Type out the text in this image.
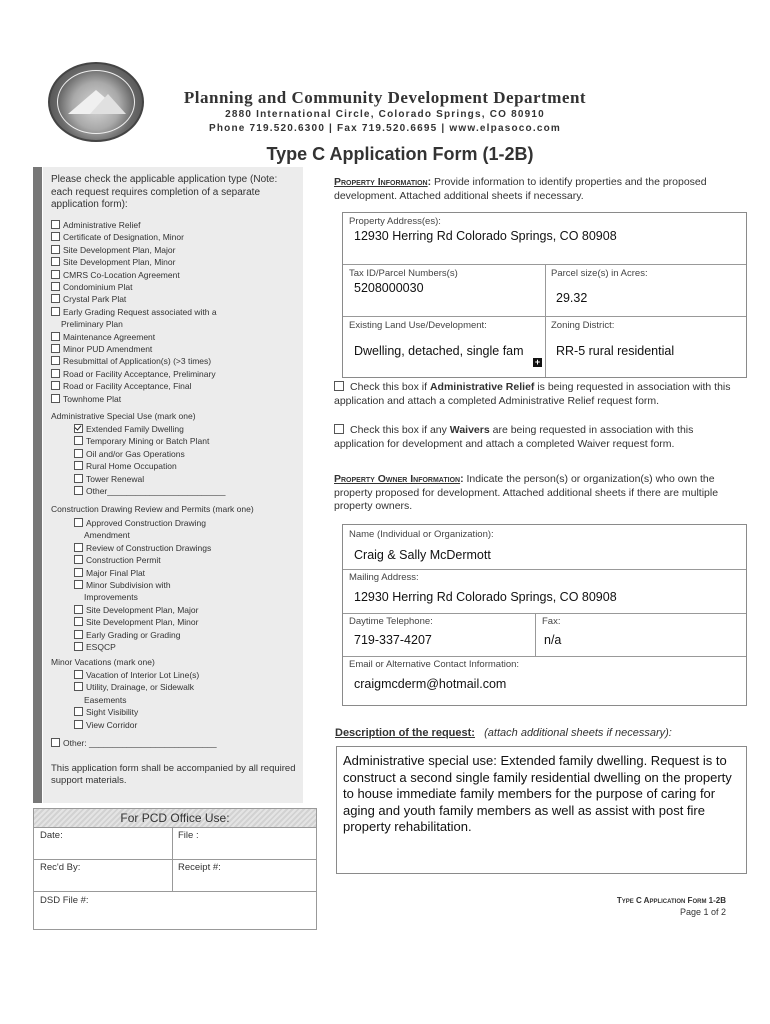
Planning and Community Development Department
2880 International Circle, Colorado Springs, CO 80910
Phone 719.520.6300 | Fax 719.520.6695 | www.elpasoco.com
Type C Application Form (1-2B)
Please check the applicable application type (Note: each request requires completion of a separate application form):
Administrative Relief
Certificate of Designation, Minor
Site Development Plan, Major
Site Development Plan, Minor
CMRS Co-Location Agreement
Condominium Plat
Crystal Park Plat
Early Grading Request associated with a
Preliminary Plan
Maintenance Agreement
Minor PUD Amendment
Resubmittal of Application(s) (>3 times)
Road or Facility Acceptance, Preliminary
Road or Facility Acceptance, Final
Townhome Plat
Administrative Special Use (mark one)
Extended Family Dwelling
Temporary Mining or Batch Plant
Oil and/or Gas Operations
Rural Home Occupation
Tower Renewal
Other_________________________
Construction Drawing Review and Permits (mark one)
Approved Construction Drawing
Amendment
Review of Construction Drawings
Construction Permit
Major Final Plat
Minor Subdivision with
Improvements
Site Development Plan, Major
Site Development Plan, Minor
Early Grading or Grading
ESQCP
Minor Vacations (mark one)
Vacation of Interior Lot Line(s)
Utility, Drainage, or Sidewalk
Easements
Sight Visibility
View Corridor
Other: ___________________________
This application form shall be accompanied by all required support materials.
For PCD Office Use:
Date:	File :
Rec'd By:	Receipt #:
DSD File #:
Property Information: Provide information to identify properties and the proposed development. Attached additional sheets if necessary.
Property Address(es):
12930 Herring Rd Colorado Springs, CO 80908
Tax ID/Parcel Numbers(s)
5208000030
Parcel size(s) in Acres:
29.32
Existing Land Use/Development:
Dwelling, detached, single fam
+
Zoning District:
RR-5 rural residential
Check this box if Administrative Relief is being requested in association with this application and attach a completed Administrative Relief request form.
Check this box if any Waivers are being requested in association with this application for development and attach a completed Waiver request form.
Property Owner Information: Indicate the person(s) or organization(s) who own the property proposed for development. Attached additional sheets if there are multiple property owners.
Name (Individual or Organization):
Craig & Sally McDermott
Mailing Address:
12930 Herring Rd Colorado Springs, CO 80908
Daytime Telephone:
719-337-4207
Fax:
n/a
Email or Alternative Contact Information:
craigmcderm@hotmail.com
Description of the request: (attach additional sheets if necessary):
Administrative special use: Extended family dwelling. Request is to construct a second single family residential dwelling on the property to house immediate family members for the purpose of caring for aging and youth family members as well as assist with post fire property rehabilitation.
Type C Application Form 1-2B
Page 1 of 2
